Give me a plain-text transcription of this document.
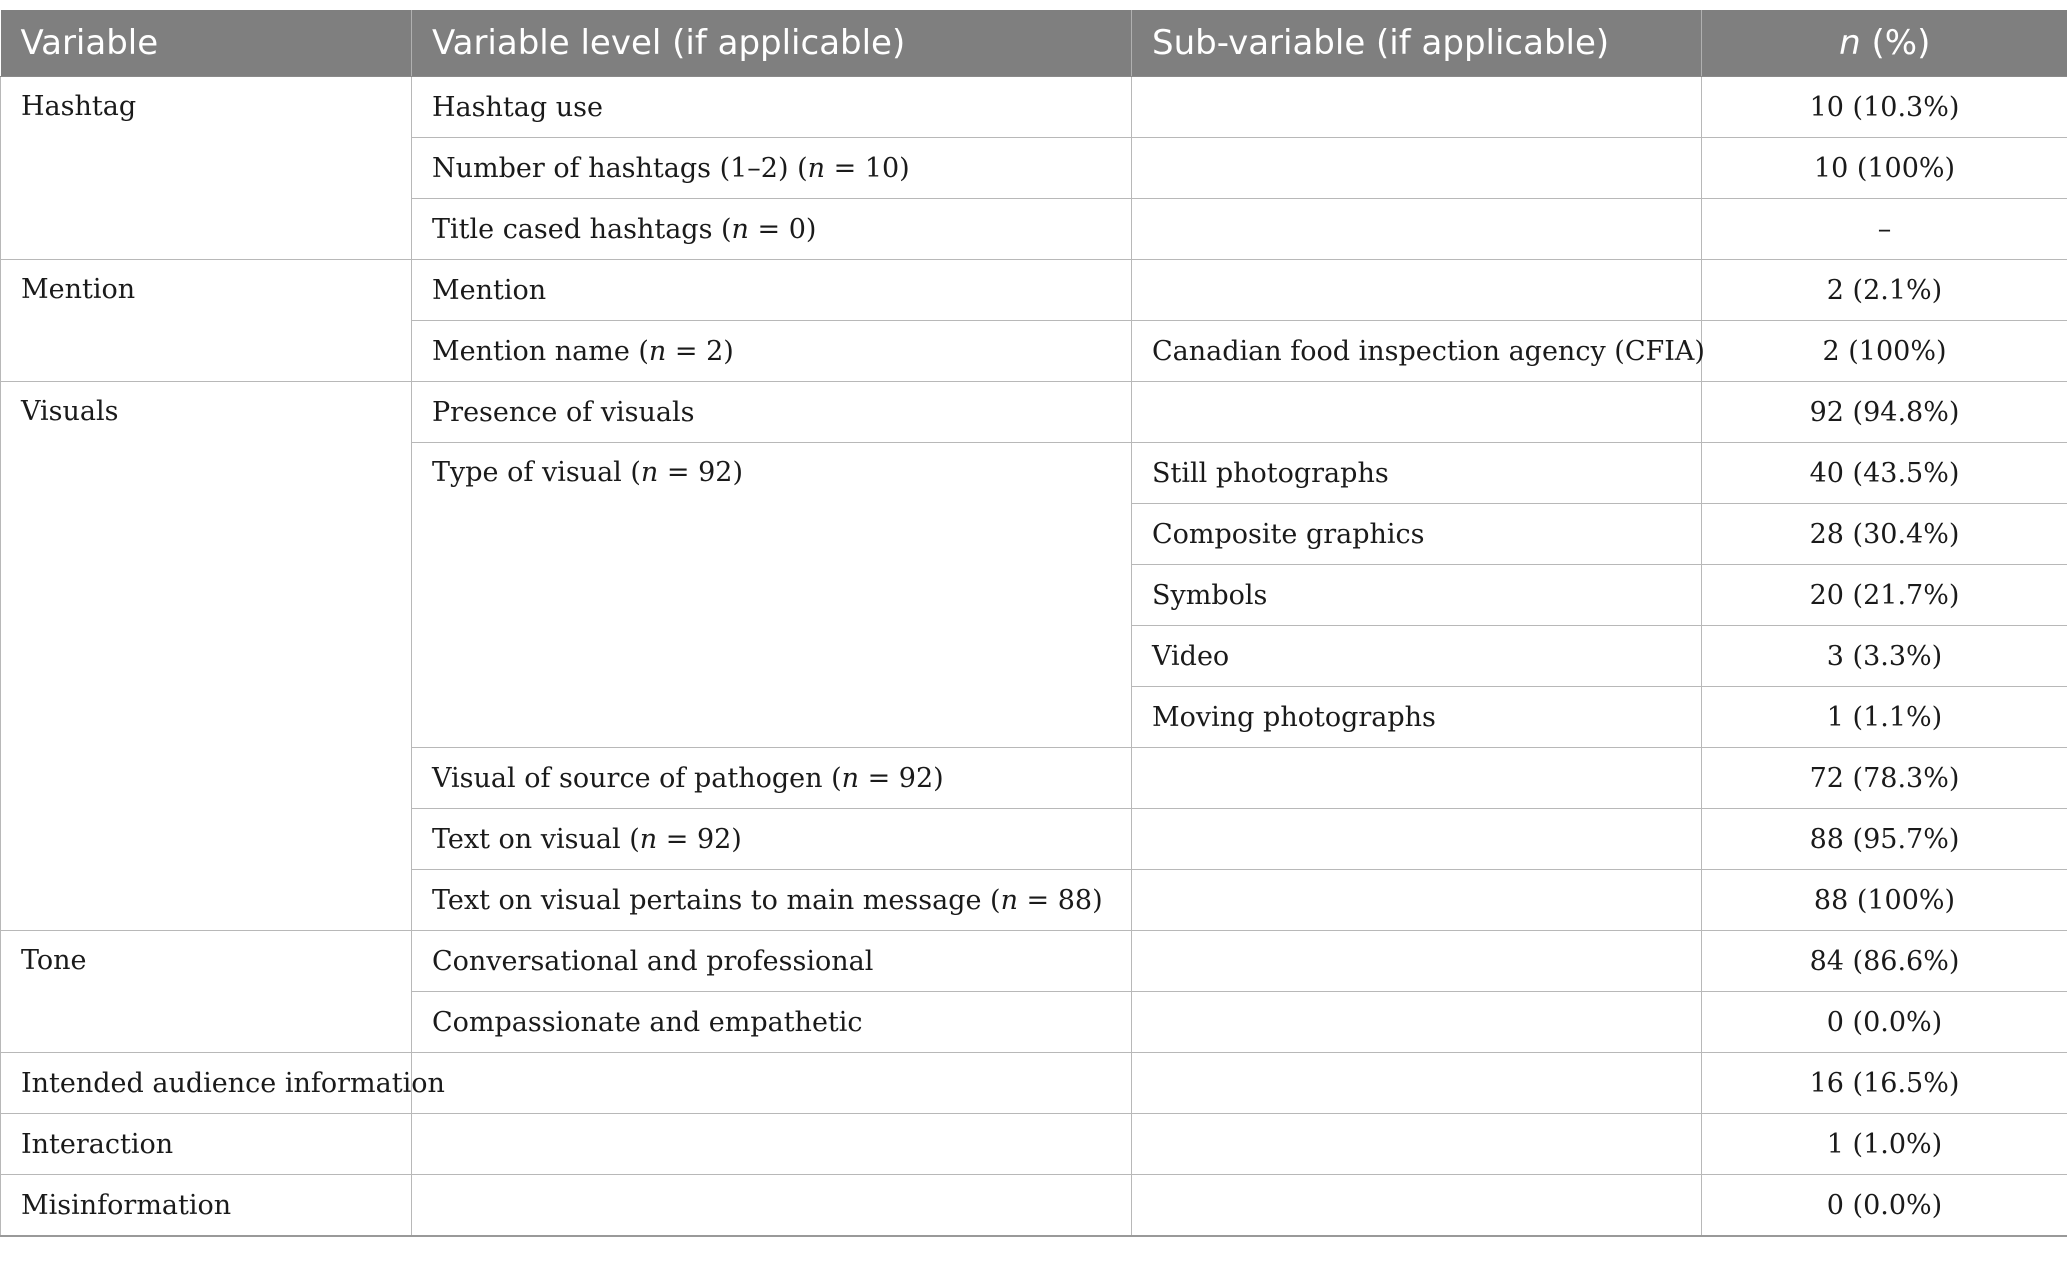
Variable	Variable level (if applicable)	Sub-variable (if applicable)	n (%)
Hashtag	Hashtag use		10 (10.3%)
	Number of hashtags (1–2) (n = 10)		10 (100%)
	Title cased hashtags (n = 0)		–
Mention	Mention		2 (2.1%)
	Mention name (n = 2)	Canadian food inspection agency (CFIA)	2 (100%)
Visuals	Presence of visuals		92 (94.8%)
	Type of visual (n = 92)	Still photographs	40 (43.5%)
		Composite graphics	28 (30.4%)
		Symbols	20 (21.7%)
		Video	3 (3.3%)
		Moving photographs	1 (1.1%)
	Visual of source of pathogen (n = 92)		72 (78.3%)
	Text on visual (n = 92)		88 (95.7%)
	Text on visual pertains to main message (n = 88)		88 (100%)
Tone	Conversational and professional		84 (86.6%)
	Compassionate and empathetic		0 (0.0%)
Intended audience information			16 (16.5%)
Interaction			1 (1.0%)
Misinformation			0 (0.0%)
